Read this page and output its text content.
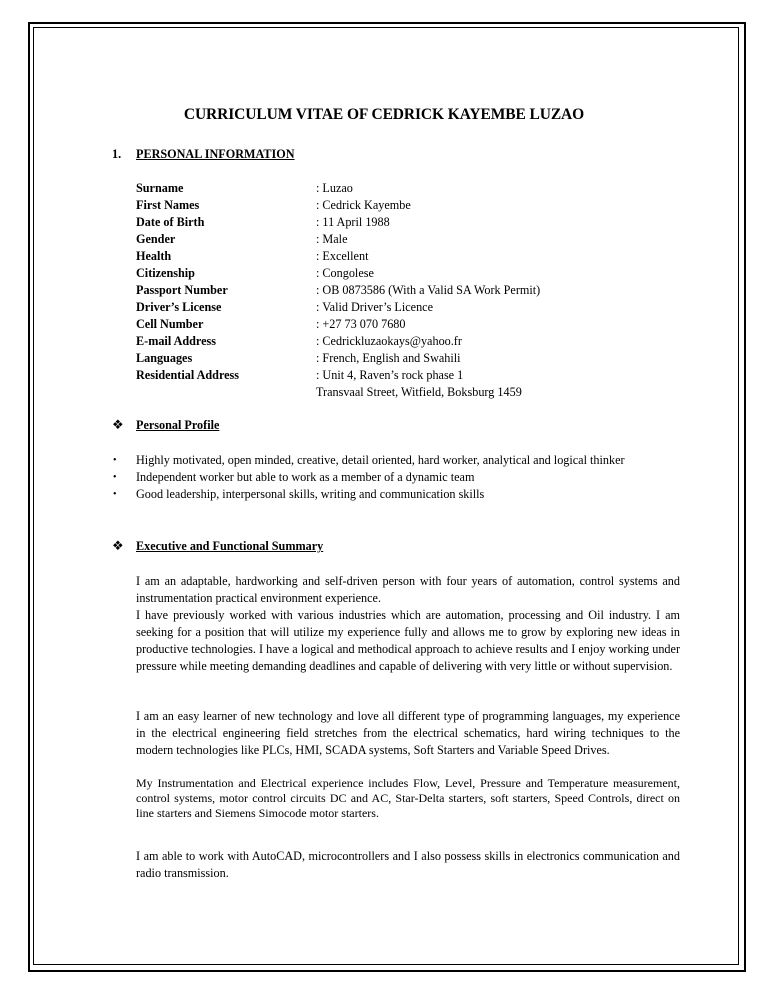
CURRICULUM VITAE OF CEDRICK KAYEMBE LUZAO
1. PERSONAL INFORMATION
Surname	: Luzao
First Names	: Cedrick Kayembe
Date of Birth	: 11 April 1988
Gender	: Male
Health	: Excellent
Citizenship	: Congolese
Passport Number	: OB 0873586 (With a Valid SA Work Permit)
Driver’s License	: Valid Driver’s Licence
Cell Number	: +27 73 070 7680
E-mail Address	: Cedrickluzaokays@yahoo.fr
Languages	: French, English and Swahili
Residential Address	: Unit 4, Raven’s rock phase 1
Transvaal Street, Witfield, Boksburg 1459
❖ Personal Profile
• Highly motivated, open minded, creative, detail oriented, hard worker, analytical and logical thinker
• Independent worker but able to work as a member of a dynamic team
• Good leadership, interpersonal skills, writing and communication skills
❖ Executive and Functional Summary
I am an adaptable, hardworking and self-driven person with four years of automation, control systems and instrumentation practical environment experience.
I have previously worked with various industries which are automation, processing and Oil industry. I am seeking for a position that will utilize my experience fully and allows me to grow by exploring new ideas in productive technologies. I have a logical and methodical approach to achieve results and I enjoy working under pressure while meeting demanding deadlines and capable of delivering with very little or without supervision.
I am an easy learner of new technology and love all different type of programming languages, my experience in the electrical engineering field stretches from the electrical schematics, hard wiring techniques to the modern technologies like PLCs, HMI, SCADA systems, Soft Starters and Variable Speed Drives.
My Instrumentation and Electrical experience includes Flow, Level, Pressure and Temperature measurement, control systems, motor control circuits DC and AC, Star-Delta starters, soft starters, Speed Controls, direct on line starters and Siemens Simocode motor starters.
I am able to work with AutoCAD, microcontrollers and I also possess skills in electronics communication and radio transmission.
